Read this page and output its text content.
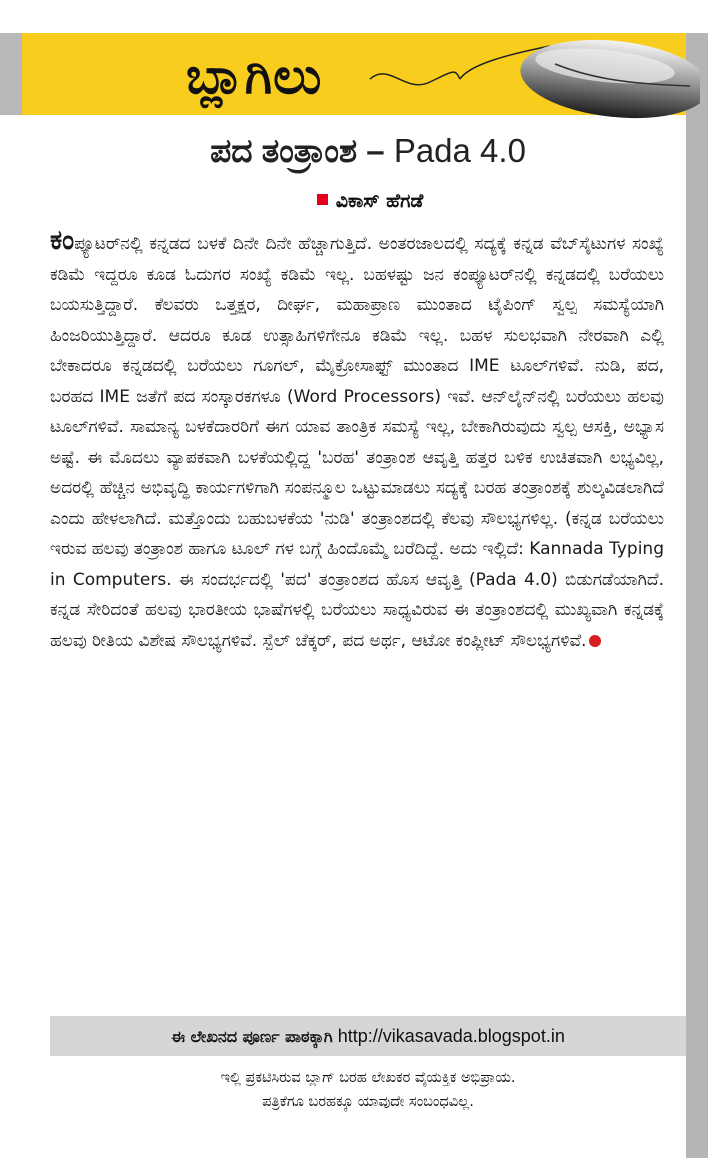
ಬ್ಲಾಗಿಲು
ಪದ ತಂತ್ರಾಂಶ – Pada 4.0
ವಿಕಾಸ್ ಹೆಗಡೆ
ಕಂಪ್ಯೂಟರ್‌ನಲ್ಲಿ ಕನ್ನಡದ ಬಳಕೆ ದಿನೇ ದಿನೇ ಹೆಚ್ಚಾಗುತ್ತಿದೆ. ಅಂತರಜಾಲದಲ್ಲಿ ಸದ್ಯಕ್ಕೆ ಕನ್ನಡ ವೆಬ್‌ಸೈಟುಗಳ ಸಂಖ್ಯೆ ಕಡಿಮೆ ಇದ್ದರೂ ಕೂಡ ಓದುಗರ ಸಂಖ್ಯೆ ಕಡಿಮೆ ಇಲ್ಲ. ಬಹಳಷ್ಟು ಜನ ಕಂಪ್ಯೂಟರ್‌ನಲ್ಲಿ ಕನ್ನಡದಲ್ಲಿ ಬರೆಯಲು ಬಯಸುತ್ತಿದ್ದಾರೆ. ಕೆಲವರು ಒತ್ತಕ್ಷರ, ದೀರ್ಘ, ಮಹಾಪ್ರಾಣ ಮುಂತಾದ ಟೈಪಿಂಗ್ ಸ್ವಲ್ಪ ಸಮಸ್ಯೆಯಾಗಿ ಹಿಂಜರಿಯುತ್ತಿದ್ದಾರೆ. ಆದರೂ ಕೂಡ ಉತ್ಸಾಹಿಗಳಿಗೇನೂ ಕಡಿಮೆ ಇಲ್ಲ. ಬಹಳ ಸುಲಭವಾಗಿ ನೇರವಾಗಿ ಎಲ್ಲಿ ಬೇಕಾದರೂ ಕನ್ನಡದಲ್ಲಿ ಬರೆಯಲು ಗೂಗಲ್, ಮೈಕ್ರೋಸಾಫ್ಟ್ ಮುಂತಾದ IME ಟೂಲ್‌ಗಳಿವೆ. ನುಡಿ, ಪದ, ಬರಹದ IME ಜತೆಗೆ ಪದ ಸಂಸ್ಕಾರಕಗಳೂ (Word Processors) ಇವೆ. ಆನ್‌ಲೈನ್‌ನಲ್ಲಿ ಬರೆಯಲು ಹಲವು ಟೂಲ್‌ಗಳಿವೆ. ಸಾಮಾನ್ಯ ಬಳಕೆದಾರರಿಗೆ ಈಗ ಯಾವ ತಾಂತ್ರಿಕ ಸಮಸ್ಯೆ ಇಲ್ಲ, ಬೇಕಾಗಿರುವುದು ಸ್ವಲ್ಪ ಆಸಕ್ತಿ, ಅಭ್ಯಾಸ ಅಷ್ಟೆ. ಈ ಮೊದಲು ವ್ಯಾಪಕವಾಗಿ ಬಳಕೆಯಲ್ಲಿದ್ದ 'ಬರಹ' ತಂತ್ರಾಂಶ ಆವೃತ್ತಿ ಹತ್ತರ ಬಳಿಕ ಉಚಿತವಾಗಿ ಲಭ್ಯವಿಲ್ಲ, ಅದರಲ್ಲಿ ಹೆಚ್ಚಿನ ಅಭಿವೃದ್ಧಿ ಕಾರ್ಯಗಳಿಗಾಗಿ ಸಂಪನ್ಮೂಲ ಒಟ್ಟುಮಾಡಲು ಸದ್ಯಕ್ಕೆ ಬರಹ ತಂತ್ರಾಂಶಕ್ಕೆ ಶುಲ್ಕವಿಡಲಾಗಿದೆ ಎಂದು ಹೇಳಲಾಗಿದೆ. ಮತ್ತೊಂದು ಬಹುಬಳಕೆಯ 'ನುಡಿ' ತಂತ್ರಾಂಶದಲ್ಲಿ ಕೆಲವು ಸೌಲಭ್ಯಗಳಿಲ್ಲ. (ಕನ್ನಡ ಬರೆಯಲು ಇರುವ ಹಲವು ತಂತ್ರಾಂಶ ಹಾಗೂ ಟೂಲ್ ಗಳ ಬಗ್ಗೆ ಹಿಂದೊಮ್ಮೆ ಬರೆದಿದ್ದೆ. ಅದು ಇಲ್ಲಿದೆ: Kannada Typing in Computers. ಈ ಸಂದರ್ಭದಲ್ಲಿ 'ಪದ' ತಂತ್ರಾಂಶದ ಹೊಸ ಆವೃತ್ತಿ (Pada 4.0) ಬಿಡುಗಡೆಯಾಗಿದೆ. ಕನ್ನಡ ಸೇರಿದಂತೆ ಹಲವು ಭಾರತೀಯ ಭಾಷೆಗಳಲ್ಲಿ ಬರೆಯಲು ಸಾಧ್ಯವಿರುವ ಈ ತಂತ್ರಾಂಶದಲ್ಲಿ ಮುಖ್ಯವಾಗಿ ಕನ್ನಡಕ್ಕೆ ಹಲವು ರೀತಿಯ ವಿಶೇಷ ಸೌಲಭ್ಯಗಳಿವೆ. ಸ್ಪೆಲ್ ಚೆಕ್ಕರ್, ಪದ ಅರ್ಥ, ಆಟೋ ಕಂಪ್ಲೀಟ್ ಸೌಲಭ್ಯಗಳಿವೆ.
ಈ ಲೇಖನದ ಪೂರ್ಣ ಪಾಠಕ್ಕಾಗಿ http://vikasavada.blogspot.in
ಇಲ್ಲಿ ಪ್ರಕಟಿಸಿರುವ ಬ್ಲಾಗ್ ಬರಹ ಲೇಖಕರ ವೈಯಕ್ತಿಕ ಅಭಿಪ್ರಾಯ.
ಪತ್ರಿಕೆಗೂ ಬರಹಕ್ಕೂ ಯಾವುದೇ ಸಂಬಂಧವಿಲ್ಲ.
